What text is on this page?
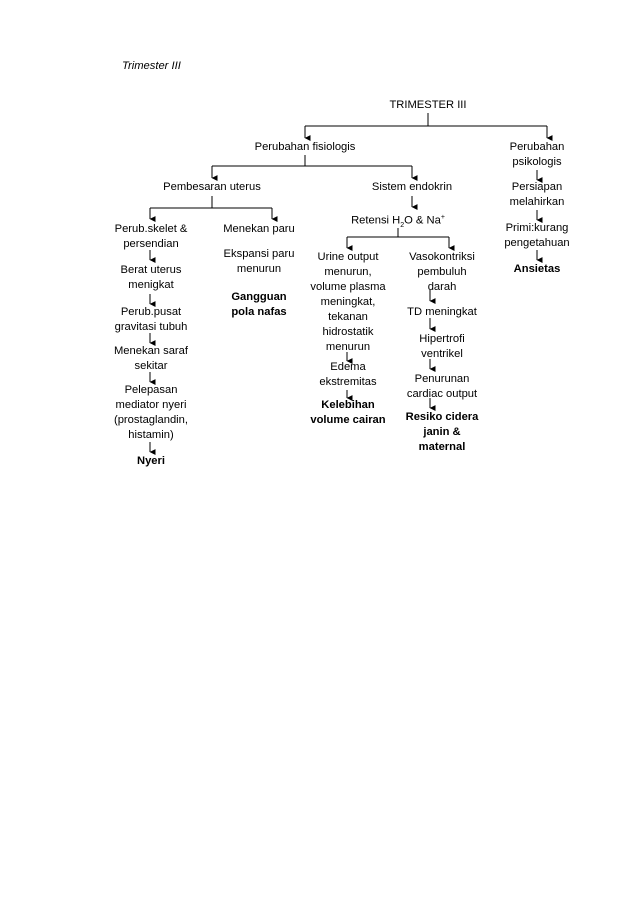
Trimester III
TRIMESTER III
Perubahan fisiologis	Perubahan
psikologis
Pembesaran uterus	Sistem endokrin	Persiapan
melahirkan
Primi:kurang
pengetahuan
Ansietas
Retensi $H_2O$ & Na+
Perub.skelet &
persendian
Berat uterus
menigkat
Perub.pusat
gravitasi tubuh
Menekan saraf
sekitar
Pelepasan
mediator nyeri
(prostaglandin,
histamin)
Nyeri
Menekan paru
Ekspansi paru
menurun
Gangguan
pola nafas
Urine output
menurun,
volume plasma
meningkat,
tekanan
hidrostatik
menurun
Edema
ekstremitas
Kelebihan
volume cairan
Vasokontriksi
pembuluh
darah
TD meningkat
Hipertrofi
ventrikel
Penurunan
cardiac output
Resiko cidera
janin &
maternal
